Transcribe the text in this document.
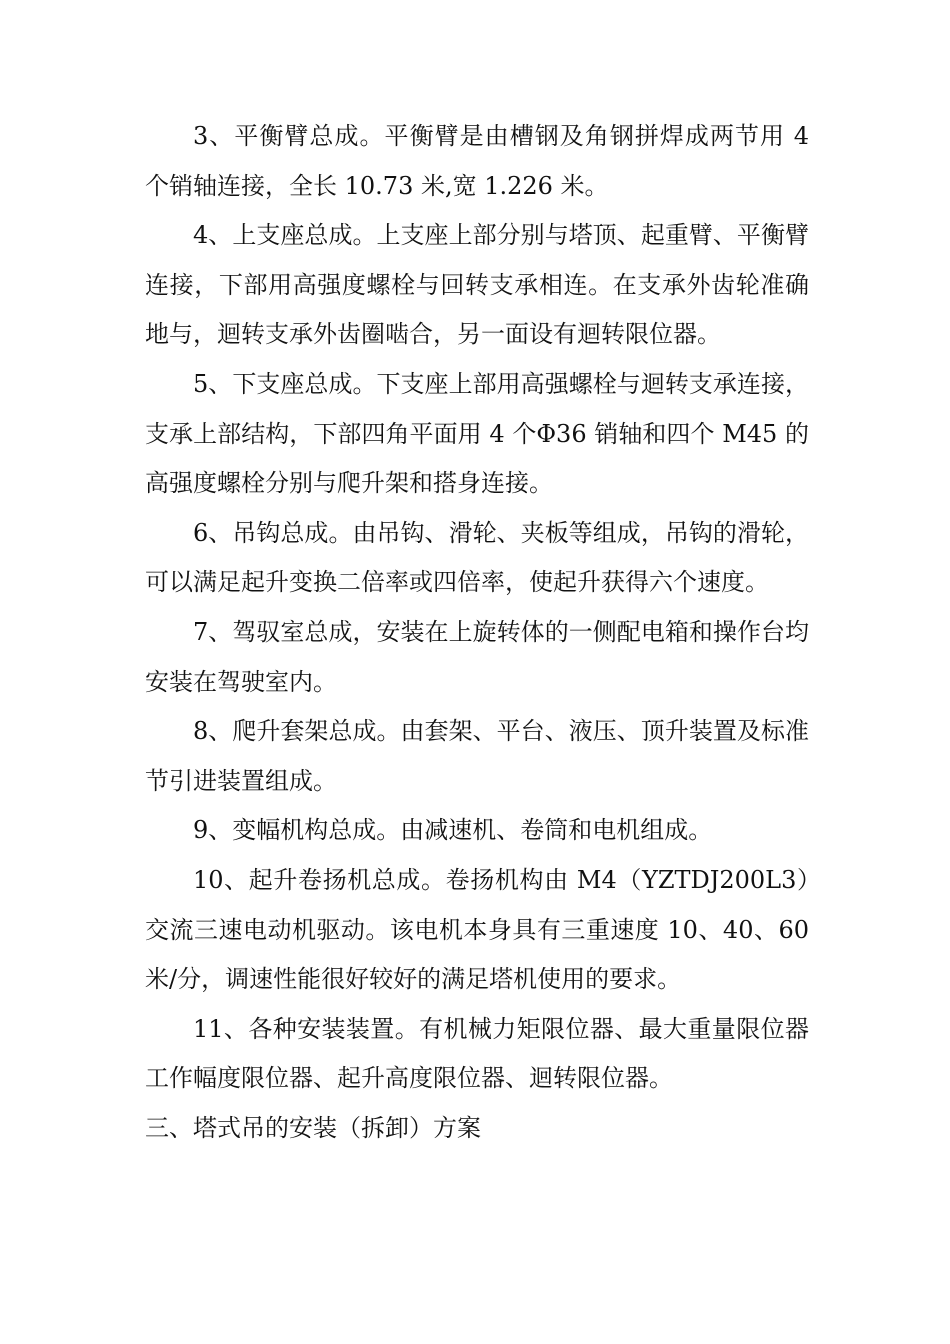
3、平衡臂总成。平衡臂是由槽钢及角钢拼焊成两节用 4 个销轴连接，全长 10.73 米,宽 1.226 米。

4、上支座总成。上支座上部分别与塔顶、起重臂、平衡臂连接，下部用高强度螺栓与回转支承相连。在支承外齿轮准确地与，迴转支承外齿圈啮合，另一面设有迴转限位器。

5、下支座总成。下支座上部用高强螺栓与迴转支承连接，支承上部结构，下部四角平面用 4 个Φ36 销轴和四个 M45 的高强度螺栓分别与爬升架和搭身连接。

6、吊钩总成。由吊钩、滑轮、夹板等组成，吊钩的滑轮，可以满足起升变换二倍率或四倍率，使起升获得六个速度。

7、驾驭室总成，安装在上旋转体的一侧配电箱和操作台均安装在驾驶室内。

8、爬升套架总成。由套架、平台、液压、顶升装置及标准节引进装置组成。

9、变幅机构总成。由减速机、卷筒和电机组成。

10、起升卷扬机总成。卷扬机构由 M4（YZTDJ200L3）交流三速电动机驱动。该电机本身具有三重速度 10、40、60 米/分，调速性能很好较好的满足塔机使用的要求。

11、各种安装装置。有机械力矩限位器、最大重量限位器工作幅度限位器、起升高度限位器、迴转限位器。

三、塔式吊的安装（拆卸）方案
